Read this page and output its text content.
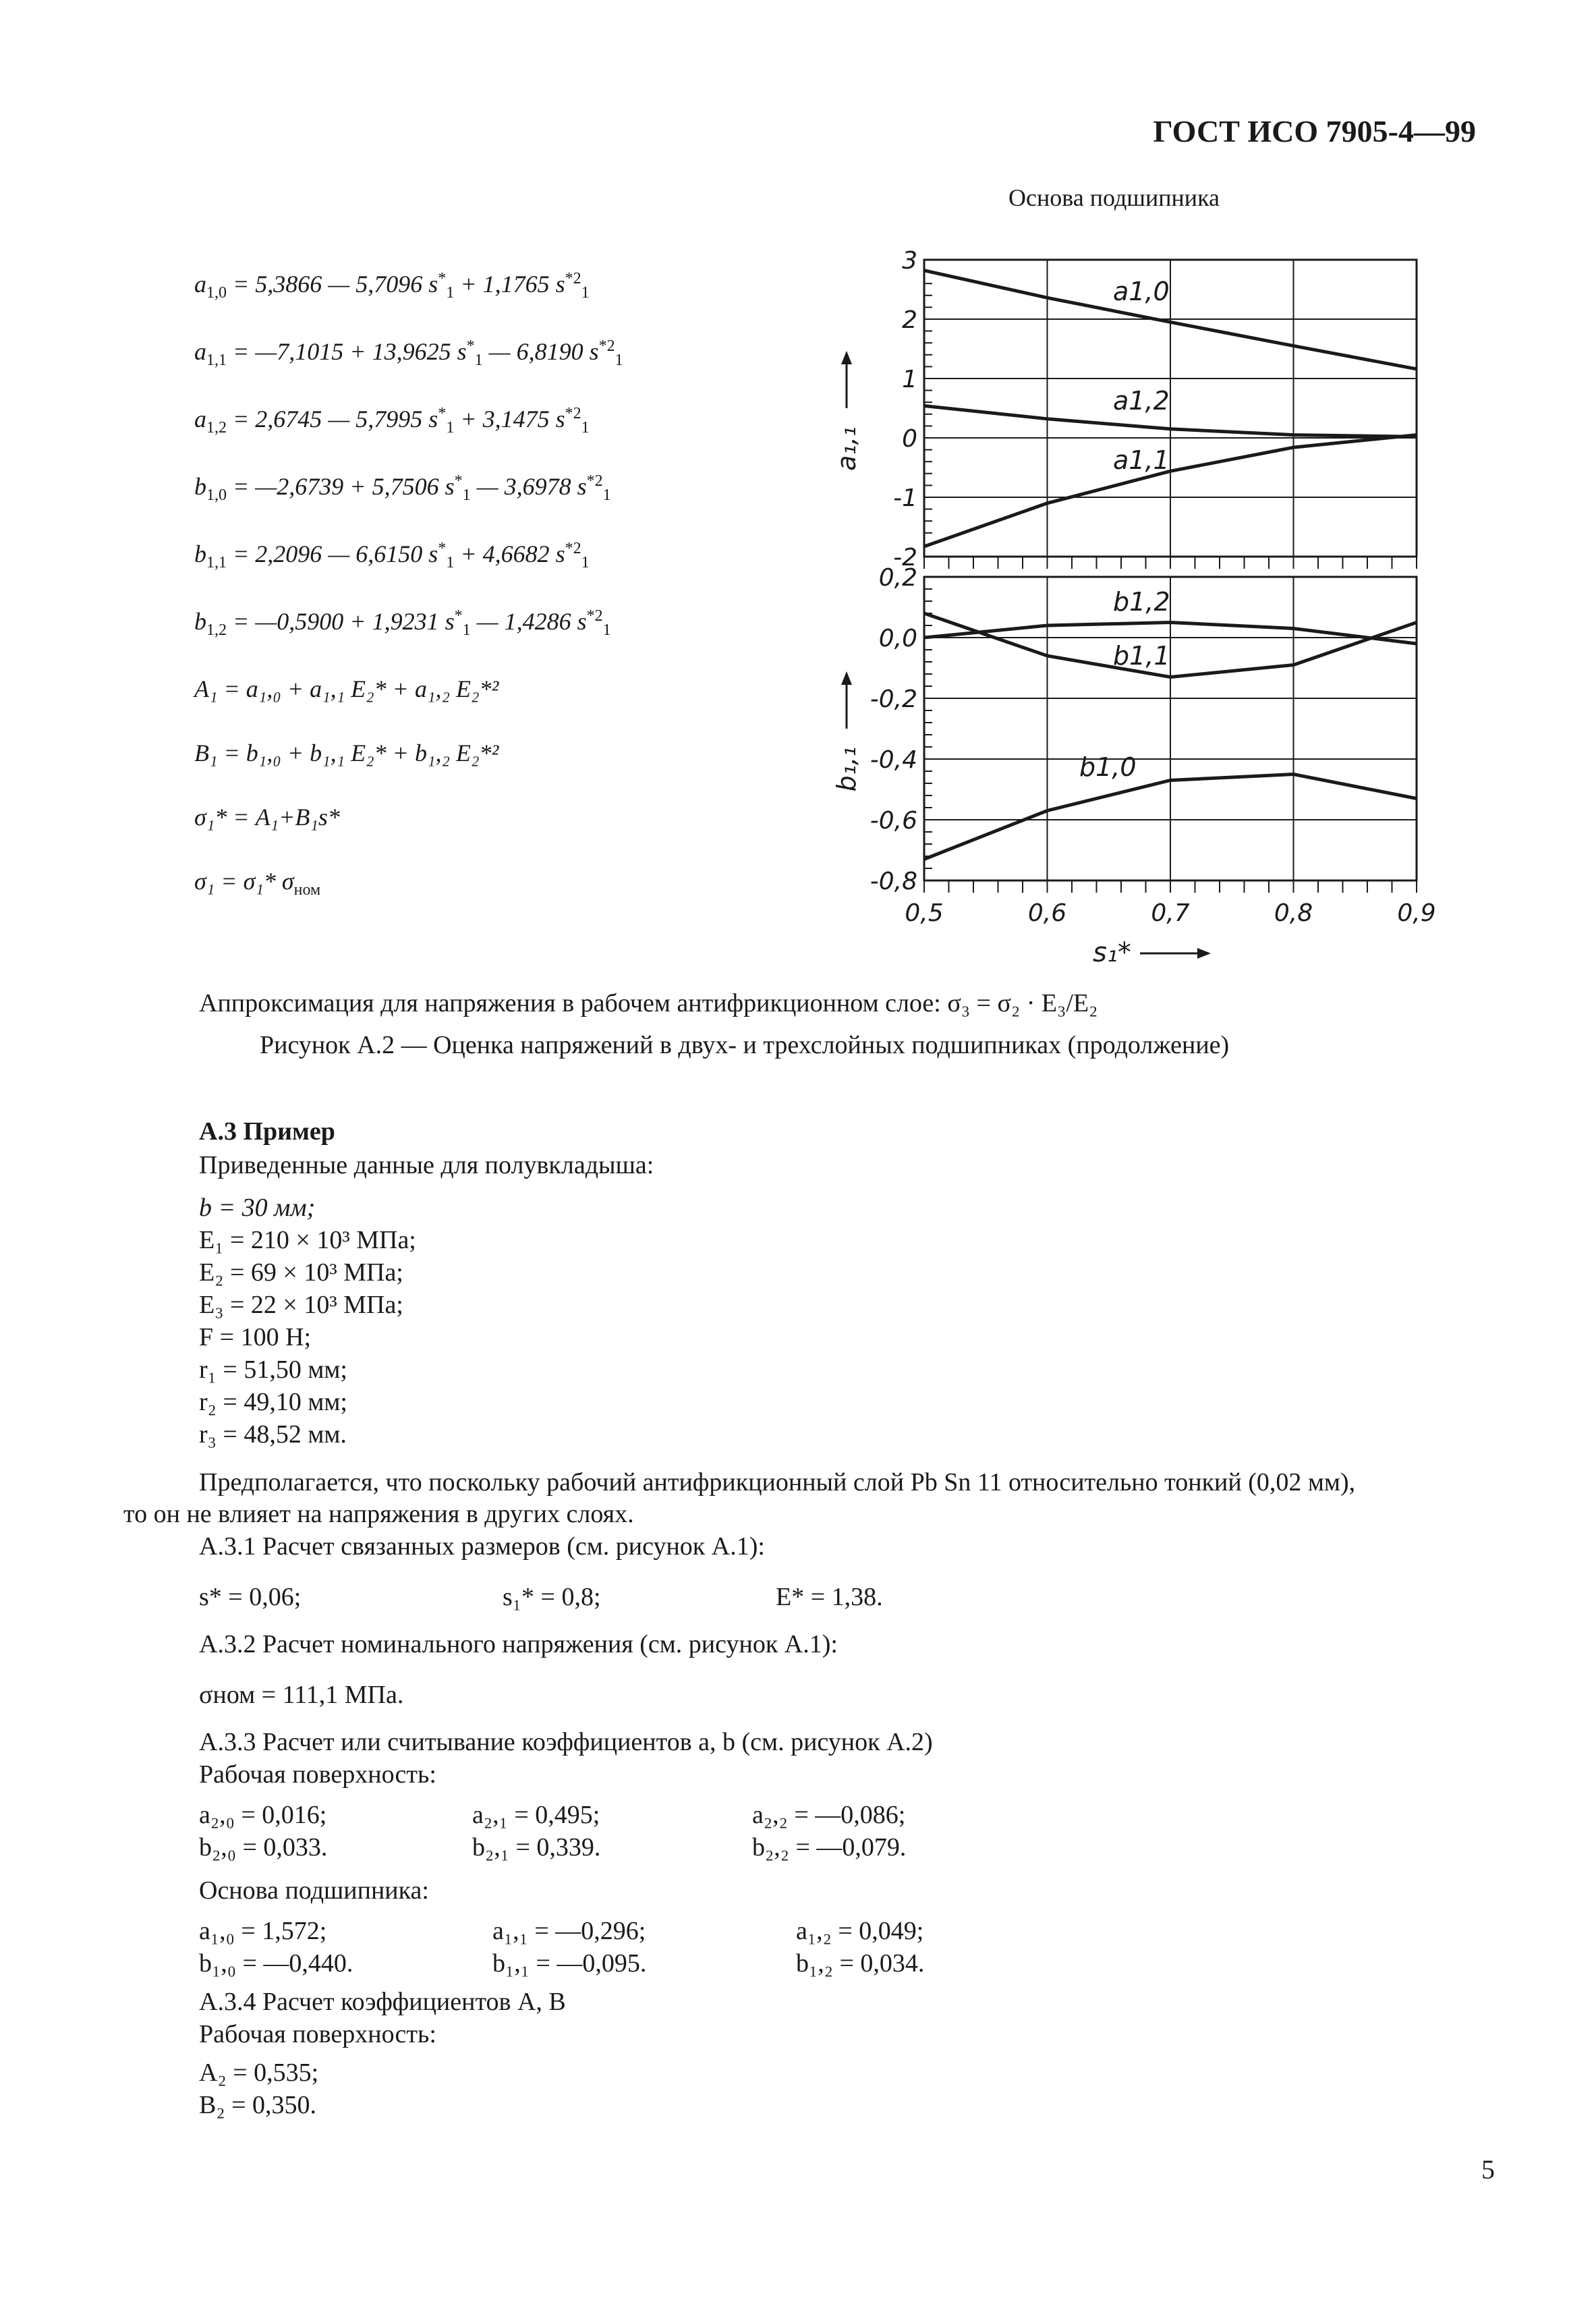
ГОСТ ИСО 7905-4—99
$a_{1,0} = 5,3866$ — 5,7096 $s^*_1 + 1,1765$ $s^{*2}_1$
$a_{1,1}$ = —7,1015 + 13,9625 $s^*_1$ — 6,8190 $s^{*2}_1$
$a_{1,2} = 2,6745$ — 5,7995 $s^*_1 + 3,1475$ $s^{*2}_1$
$b_{1,0}$ = —2,6739 + 5,7506 $s^*_1$ — 3,6978 $s^{*2}_1$
$b_{1,1} = 2,2096$ — 6,6150 $s^*_1 + 4,6682$ $s^{*2}_1$
$b_{1,2}$ = —0,5900 + 1,9231 $s^*_1$ — 1,4286 $s^{*2}_1$
A₁ = a₁,₀ + a₁,₁ E₂* + a₁,₂ E₂*²
B₁ = b₁,₀ + b₁,₁ E₂* + b₁,₂ E₂*²
σ₁* = A₁+B₁s*
σ₁ = σ₁* $\sigma_{ном}$
Основа подшипника
3
2
1
0
-1
-2
a₁,₁
0,2
0,0
-0,2
-0,4
-0,6
-0,8
0,5	0,6	0,7	0,8	0,9
b₁,₁
a1,0
a1,2
a1,1
b1,2
b1,1
b1,0
s₁*
Аппроксимация для напряжения в рабочем антифрикционном слое: σ₃ = σ₂ · E₃/E₂
Рисунок А.2 — Оценка напряжений в двух- и трехслойных подшипниках (продолжение)
А.3 Пример
Приведенные данные для полувкладыша:
b = 30 мм;
E₁ = 210 × 10³ МПа;
E₂ = 69 × 10³ МПа;
E₃ = 22 × 10³ МПа;
F = 100 Н;
r₁ = 51,50 мм;
r₂ = 49,10 мм;
r₃ = 48,52 мм.
Предполагается, что поскольку рабочий антифрикционный слой Pb Sn 11 относительно тонкий (0,02 мм),
то он не влияет на напряжения в других слоях.
А.3.1 Расчет связанных размеров (см. рисунок А.1):
s* = 0,06;	s₁* = 0,8;	E* = 1,38.
А.3.2 Расчет номинального напряжения (см. рисунок А.1):
σном = 111,1 МПа.
А.3.3 Расчет или считывание коэффициентов a, b (см. рисунок А.2)
Рабочая поверхность:
a₂,₀ = 0,016;	a₂,₁ = 0,495;	a₂,₂ = —0,086;
b₂,₀ = 0,033.	b₂,₁ = 0,339.	b₂,₂ = —0,079.
Основа подшипника:
a₁,₀ = 1,572;	a₁,₁ = —0,296;	a₁,₂ = 0,049;
b₁,₀ = —0,440.	b₁,₁ = —0,095.	b₁,₂ = 0,034.
А.3.4 Расчет коэффициентов A, B
Рабочая поверхность:
A₂ = 0,535;
B₂ = 0,350.
5
